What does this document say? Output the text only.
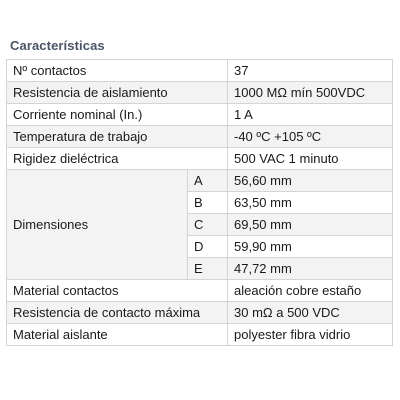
Características
Nº contactos		37
Resistencia de aislamiento		1000 MΩ mín 500VDC
Corriente nominal (In.)		1 A
Temperatura de trabajo		-40 ºC +105 ºC
Rigidez dieléctrica		500 VAC 1 minuto
Dimensiones	A	56,60 mm
	B	63,50 mm
	C	69,50 mm
	D	59,90 mm
	E	47,72 mm
Material contactos		aleación cobre estaño
Resistencia de contacto máxima		30 mΩ a 500 VDC
Material aislante		polyester fibra vidrio
